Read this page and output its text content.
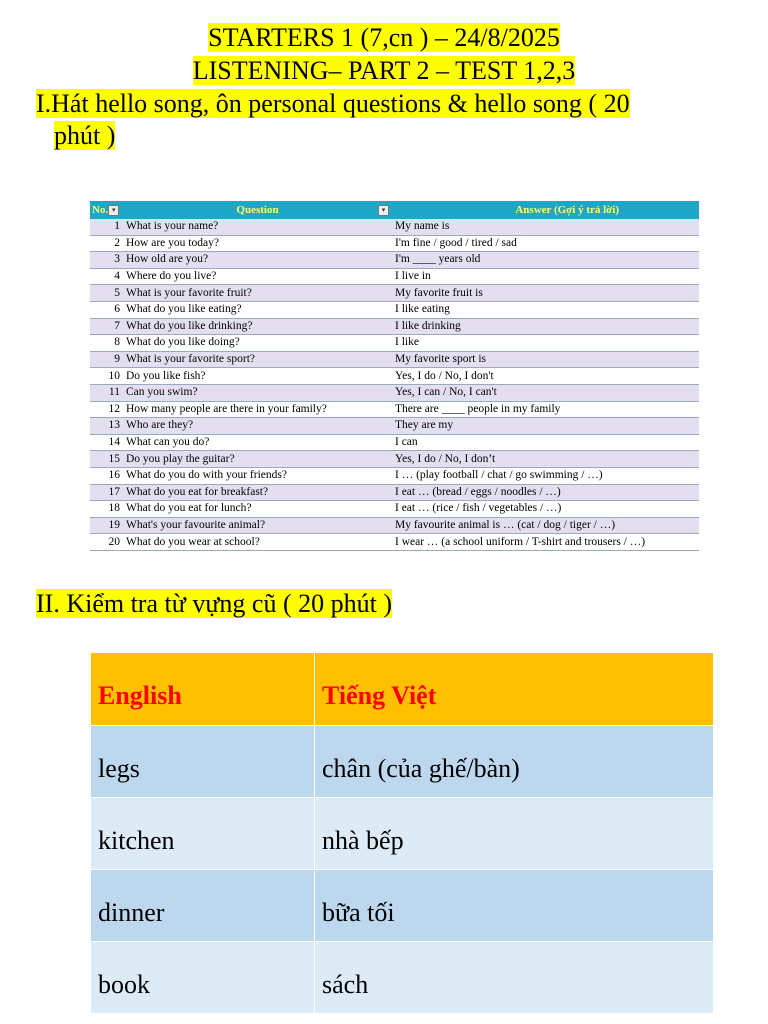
STARTERS 1 (7,cn ) – 24/8/2025
LISTENING– PART 2 – TEST 1,2,3
I.Hát hello song, ôn personal questions & hello song ( 20
phút )
No. ▾	Question ▾	Answer (Gợi ý trả lời)
1	What is your name?	My name is
2	How are you today?	I'm fine / good / tired / sad
3	How old are you?	I'm ____ years old
4	Where do you live?	I live in
5	What is your favorite fruit?	My favorite fruit is
6	What do you like eating?	I like eating
7	What do you like drinking?	I like drinking
8	What do you like doing?	I like
9	What is your favorite sport?	My favorite sport is
10	Do you like fish?	Yes, I do / No, I don't
11	Can you swim?	Yes, I can / No, I can't
12	How many people are there in your family?	There are ____ people in my family
13	Who are they?	They are my
14	What can you do?	I can
15	Do you play the guitar?	Yes, I do / No, I don’t
16	What do you do with your friends?	I … (play football / chat / go swimming / …)
17	What do you eat for breakfast?	I eat … (bread / eggs / noodles / …)
18	What do you eat for lunch?	I eat … (rice / fish / vegetables / …)
19	What's your favourite animal?	My favourite animal is … (cat / dog / tiger / …)
20	What do you wear at school?	I wear … (a school uniform / T-shirt and trousers / …)
II. Kiểm tra từ vựng cũ ( 20 phút )
English	Tiếng Việt
legs	chân (của ghế/bàn)
kitchen	nhà bếp
dinner	bữa tối
book	sách
